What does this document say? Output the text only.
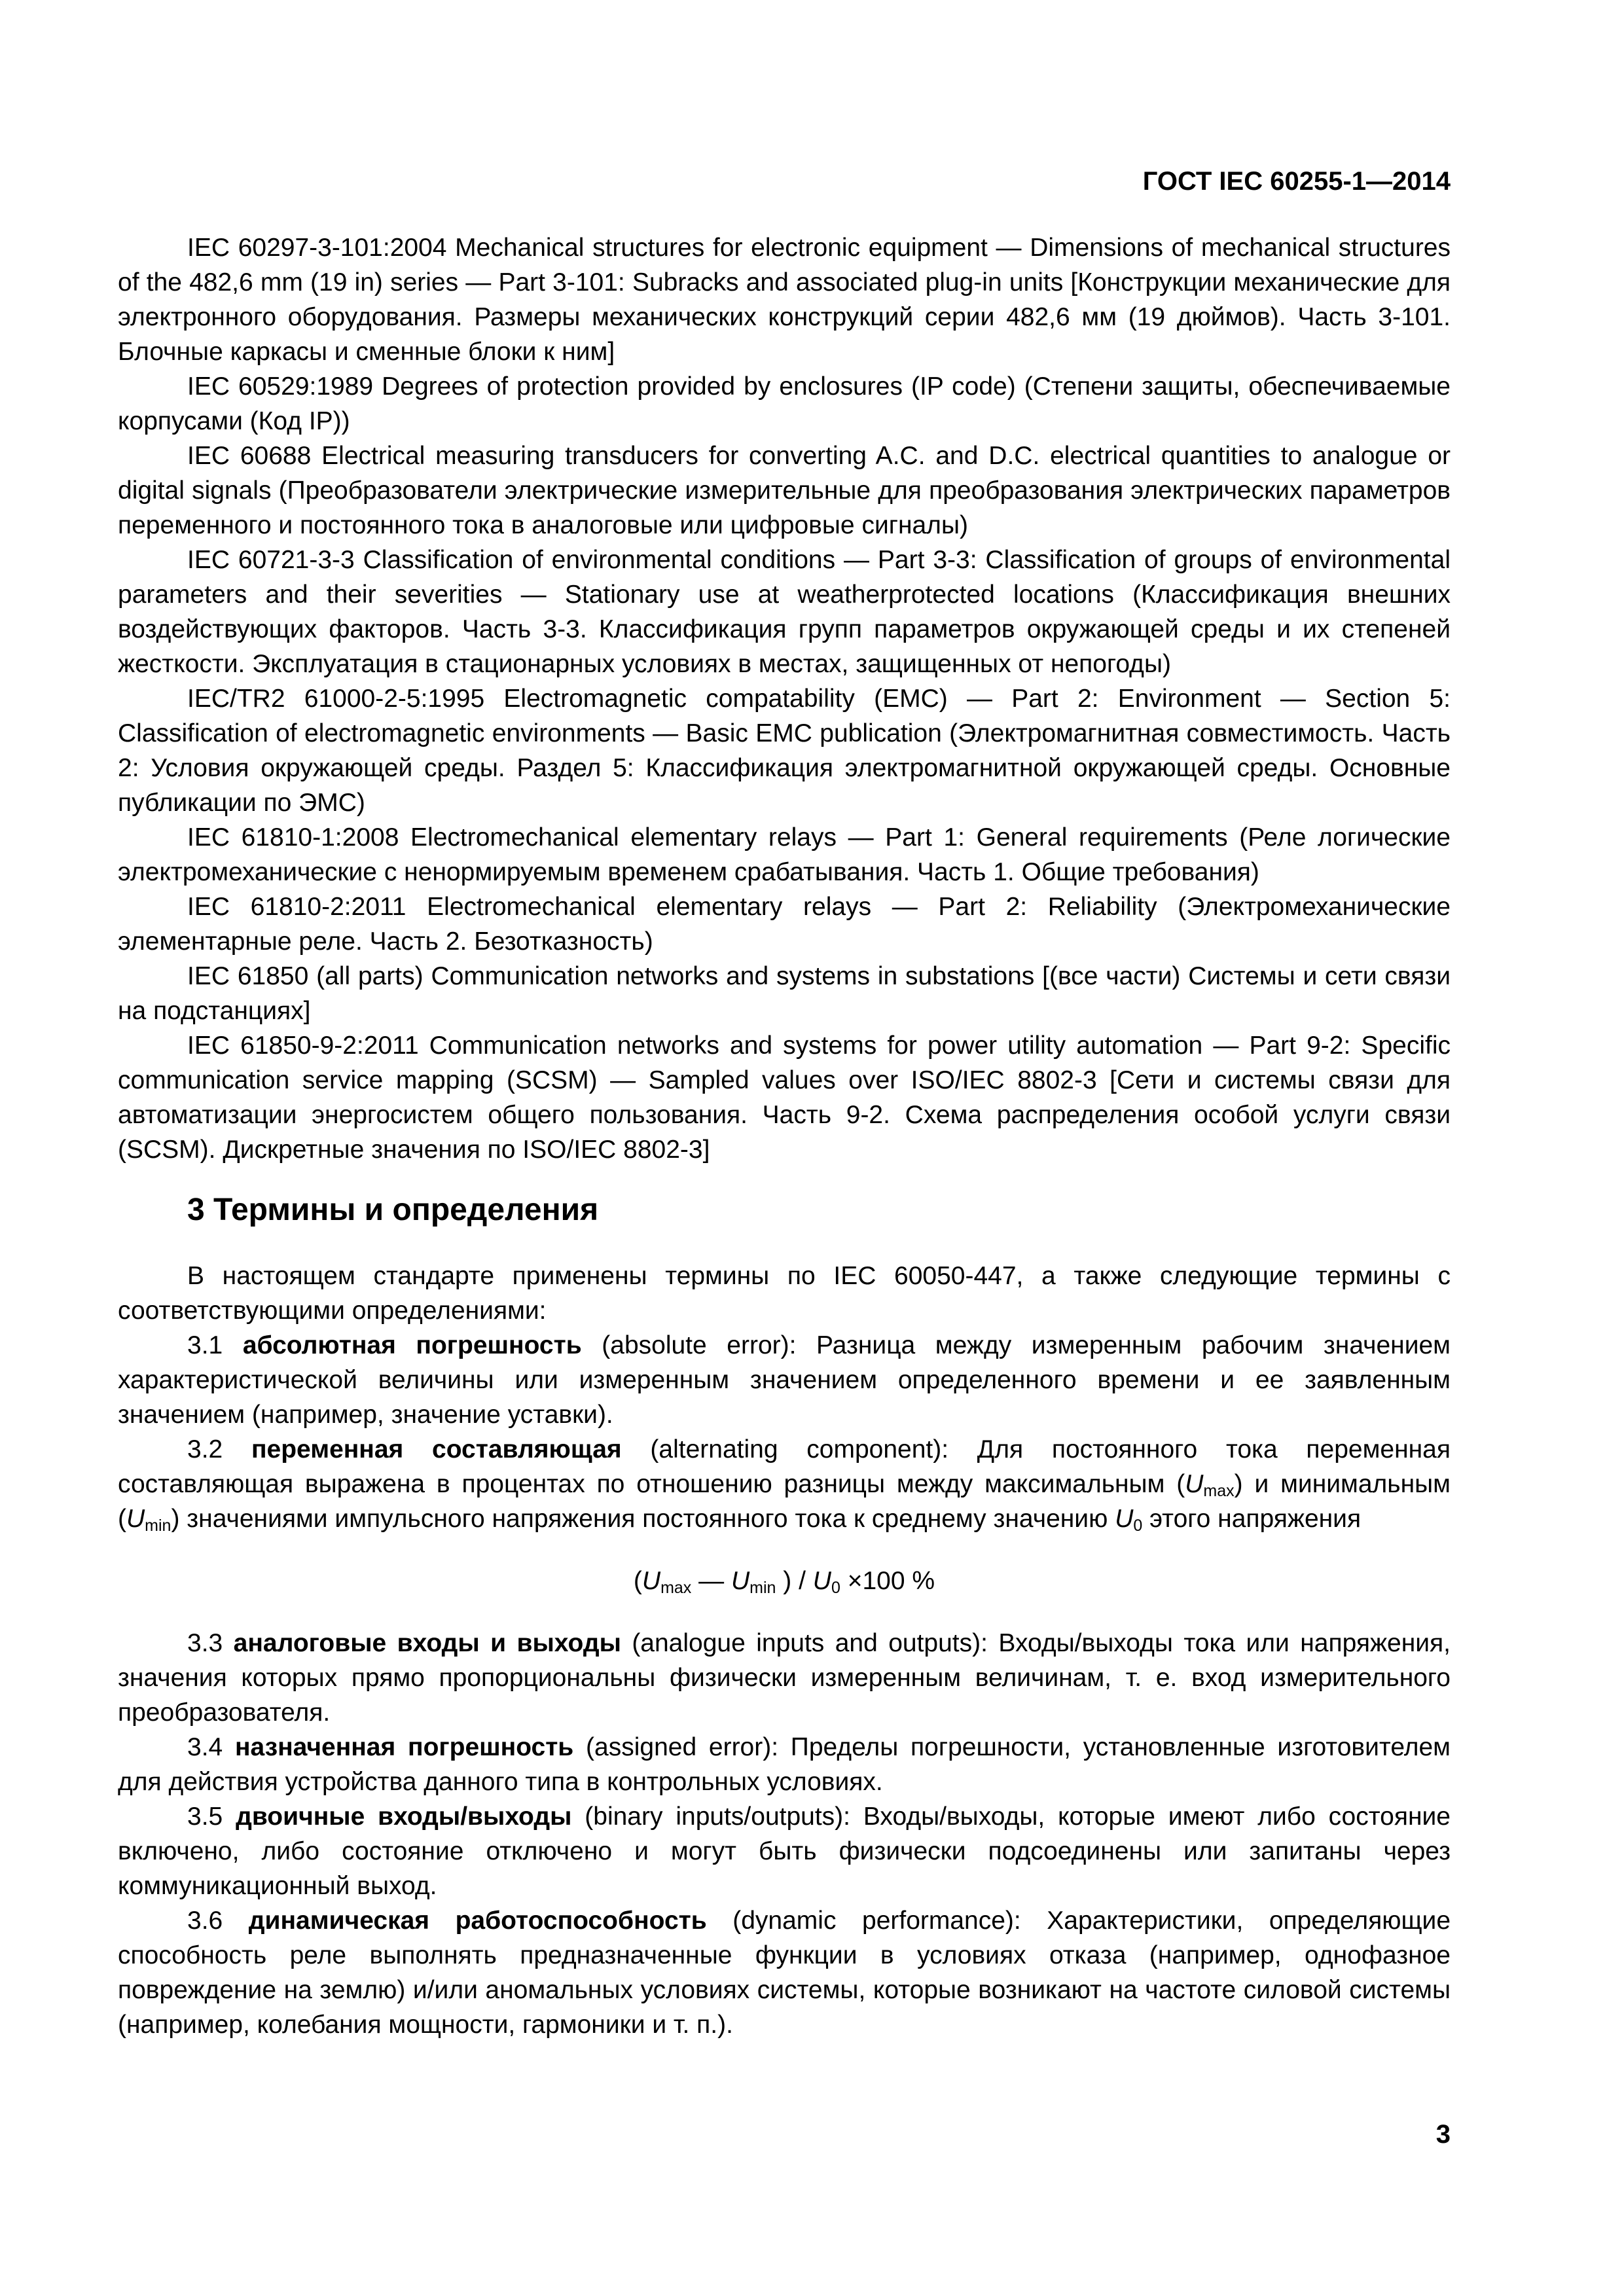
ГОСТ IEC 60255-1—2014

IEC 60297-3-101:2004 Mechanical structures for electronic equipment — Dimensions of mechanical structures of the 482,6 mm (19 in) series — Part 3-101: Subracks and associated plug-in units [Конструкции механические для электронного оборудования. Размеры механических конструкций серии 482,6 мм (19 дюймов). Часть 3-101. Блочные каркасы и сменные блоки к ним]

IEC 60529:1989 Degrees of protection provided by enclosures (IP code) (Степени защиты, обеспечиваемые корпусами (Код IP))

IEC 60688 Electrical measuring transducers for converting A.C. and D.C. electrical quantities to analogue or digital signals (Преобразователи электрические измерительные для преобразования электрических параметров переменного и постоянного тока в аналоговые или цифровые сигналы)

IEC 60721-3-3 Classification of environmental conditions — Part 3-3: Classification of groups of environmental parameters and their severities — Stationary use at weatherprotected locations (Классификация внешних воздействующих факторов. Часть 3-3. Классификация групп параметров окружающей среды и их степеней жесткости. Эксплуатация в стационарных условиях в местах, защищенных от непогоды)

IEC/TR2 61000-2-5:1995 Electromagnetic compatability (EMC) — Part 2: Environment — Section 5: Classification of electromagnetic environments — Basic EMC publication (Электромагнитная совместимость. Часть 2: Условия окружающей среды. Раздел 5: Классификация электромагнитной окружающей среды. Основные публикации по ЭМС)

IEC 61810-1:2008 Electromechanical elementary relays — Part 1: General requirements (Реле логические электромеханические с ненормируемым временем срабатывания. Часть 1. Общие требования)

IEC 61810-2:2011 Electromechanical elementary relays — Part 2: Reliability (Электромеханические элементарные реле. Часть 2. Безотказность)

IEC 61850 (all parts) Communication networks and systems in substations [(все части) Системы и сети связи на подстанциях]

IEC 61850-9-2:2011 Communication networks and systems for power utility automation — Part 9-2: Specific communication service mapping (SCSM) — Sampled values over ISO/IEC 8802-3 [Сети и системы связи для автоматизации энергосистем общего пользования. Часть 9-2. Схема распределения особой услуги связи (SCSM). Дискретные значения по ISO/IEC 8802-3]

3 Термины и определения

В настоящем стандарте применены термины по IEC 60050-447, а также следующие термины с соответствующими определениями:

3.1 абсолютная погрешность (absolute error): Разница между измеренным рабочим значением характеристической величины или измеренным значением определенного времени и ее заявленным значением (например, значение уставки).

3.2 переменная составляющая (alternating component): Для постоянного тока переменная составляющая выражена в процентах по отношению разницы между максимальным $(U_{max})$ и минимальным $(U_{min})$ значениями импульсного напряжения постоянного тока к среднему значению $U_0$ этого напряжения

($U_{max}$ — $U_{min}$ ) / $U_0 \times 100$ %

3.3 аналоговые входы и выходы (analogue inputs and outputs): Входы/выходы тока или напряжения, значения которых прямо пропорциональны физически измеренным величинам, т. е. вход измерительного преобразователя.

3.4 назначенная погрешность (assigned error): Пределы погрешности, установленные изготовителем для действия устройства данного типа в контрольных условиях.

3.5 двоичные входы/выходы (binary inputs/outputs): Входы/выходы, которые имеют либо состояние включено, либо состояние отключено и могут быть физически подсоединены или запитаны через коммуникационный выход.

3.6 динамическая работоспособность (dynamic performance): Характеристики, определяющие способность реле выполнять предназначенные функции в условиях отказа (например, однофазное повреждение на землю) и/или аномальных условиях системы, которые возникают на частоте силовой системы (например, колебания мощности, гармоники и т. п.).

3
